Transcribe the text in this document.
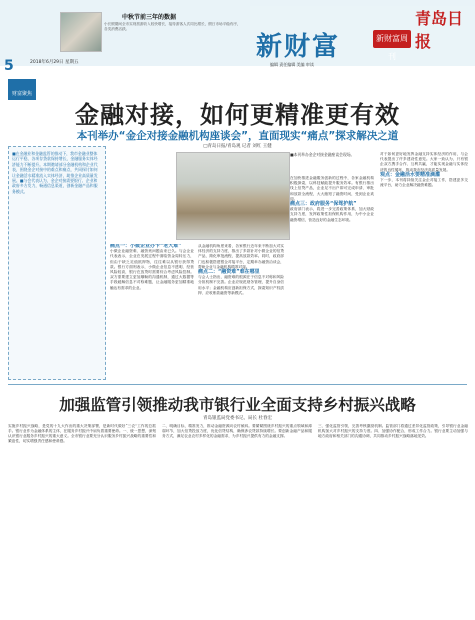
中秋节前三年的数据
小长假期间全市实现旅游收入较快增长，接待游客人次同比增长，假日市场平稳有序，各类消费活跃。
新财富	新财富周刊
青岛日报
5	2018年6月29日 星期五	编辑 责任编辑 美编 审读
财富聚焦
金融对接，如何更精准更有效
本刊举办“金企对接金融机构座谈会”，直面现实“痛点”探求解决之道
□青岛日报/青岛观 记者 刘红 王健
■在金融业和金融监管的推动下，我市金融业整体运行平稳，各项存贷款保持增长，金融服务实体经济能力不断提升。本期邀请部分金融机构和企业代表，围绕金企对接中的难点和痛点，共同探讨如何让金融活水精准流入实体经济，助推企业高质量发展。■与会代表认为，金企对接需要银行、企业和政府多方发力，畅通信息渠道，创新金融产品和服务模式。
■本刊举办金企对接金融座谈会现场。
痛点一：小微企业办卡“老大难”
小微企业融资难、融资贵问题由来已久。与会企业代表表示，企业在发展过程中面临资金周转压力，但由于缺乏足值抵押物，往往难以从银行获得贷款。银行方面则表示，小微企业信息不透明、经营风险较高，银行在放贷时需要综合考虑风险控制。双方需要建立更加顺畅的沟通机制，通过大数据等手段破解信息不对称难题，让金融服务更加精准地触达有需求的企业。
从金融机构角度来看，各家银行近年来不断加大对实体经济的支持力度，推出了多款针对小微企业的信贷产品，简化审批流程，提高放款效率。同时，政府部门也积极搭建银企对接平台，定期举办融资洽谈会，帮助企业与金融机构精准对接。
痛点二：“融资难”难在哪里
与会人士指出，融资难的根源在于信息不对称和风险分担机制不完善。企业应规范财务管理，提升自身信用水平；金融机构应创新担保方式，探索知识产权质押、应收账款融资等新模式。
在加快推进金融服务创新的过程中，各家金融机构积极探索，以科技赋能提升服务效率。有银行推出线上信贷产品，企业足不出户即可完成申请、审批和放款全流程，大大缩短了融资时间，受到企业欢迎。
痛点三：政府服务“保驾护航”
政府部门表示，将进一步完善政策体系，加大财政支持力度，发挥政策性担保机构作用，为中小企业融资增信，营造良好的金融生态环境。
对于如何更好地发挥金融支持实体经济的作用，与会代表提出了许多建设性意见。大家一致认为，只有银企双方携手合作、互利共赢，才能实现金融与实体经济的良性循环，推动我市经济高质量发展。
观点：金融活水要精准滴灌
下一步，本刊将持续关注金企对接工作，搭建更多交流平台，助力企业解决融资难题。
加强监管引领推动我市银行业全面支持乡村振兴战略
青岛银监局党委书记、局长 杜春宏
实施乡村振兴战略，是党的十九大作出的重大决策部署，是新时代做好“三农”工作的总抓手。银行业作为金融体系的主体，在服务乡村振兴中肩负着重要使命。一、统一思想，深刻认识银行业服务乡村振兴的重大意义。全市银行业要充分认识服务乡村振兴战略的重要性和紧迫性，切实增强责任感和使命感。
二、明确目标，精准发力，推动金融资源向农村倾斜。要紧紧围绕乡村振兴的重点领域和薄弱环节，加大信贷投放力度，优化信贷结构，确保涉农贷款持续增长。要创新金融产品和服务方式，满足农业农村多样化的金融需求，为乡村振兴提供有力的金融支撑。
三、强化监管引领，完善考核激励机制。监管部门将通过差异化监管政策，引导银行业金融机构加大对乡村振兴的支持力度。四、加强协作配合，形成工作合力。银行业要主动加强与地方政府和相关部门的沟通协调，共同推动乡村振兴战略落地见效。
